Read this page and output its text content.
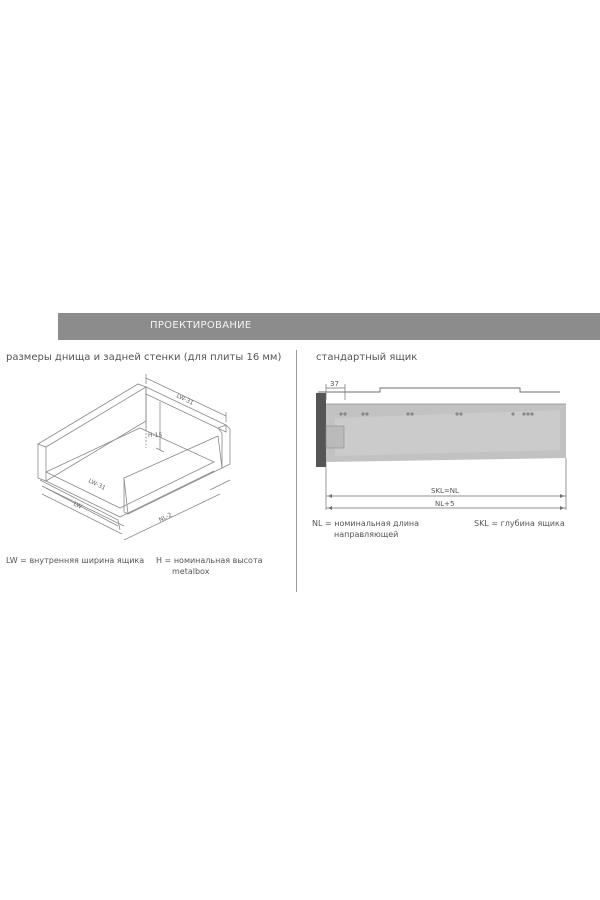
ПРОЕКТИРОВАНИЕ
размеры днища и задней стенки (для плиты 16 мм)	стандартный ящик
LW-31
H-15
LW-31
LW
NL-2
37
SKL=NL
NL+5
LW = внутренняя ширина ящика H = номинальная высота
metalbox
NL = номинальная длина
направляющей
SKL = глубина ящика
